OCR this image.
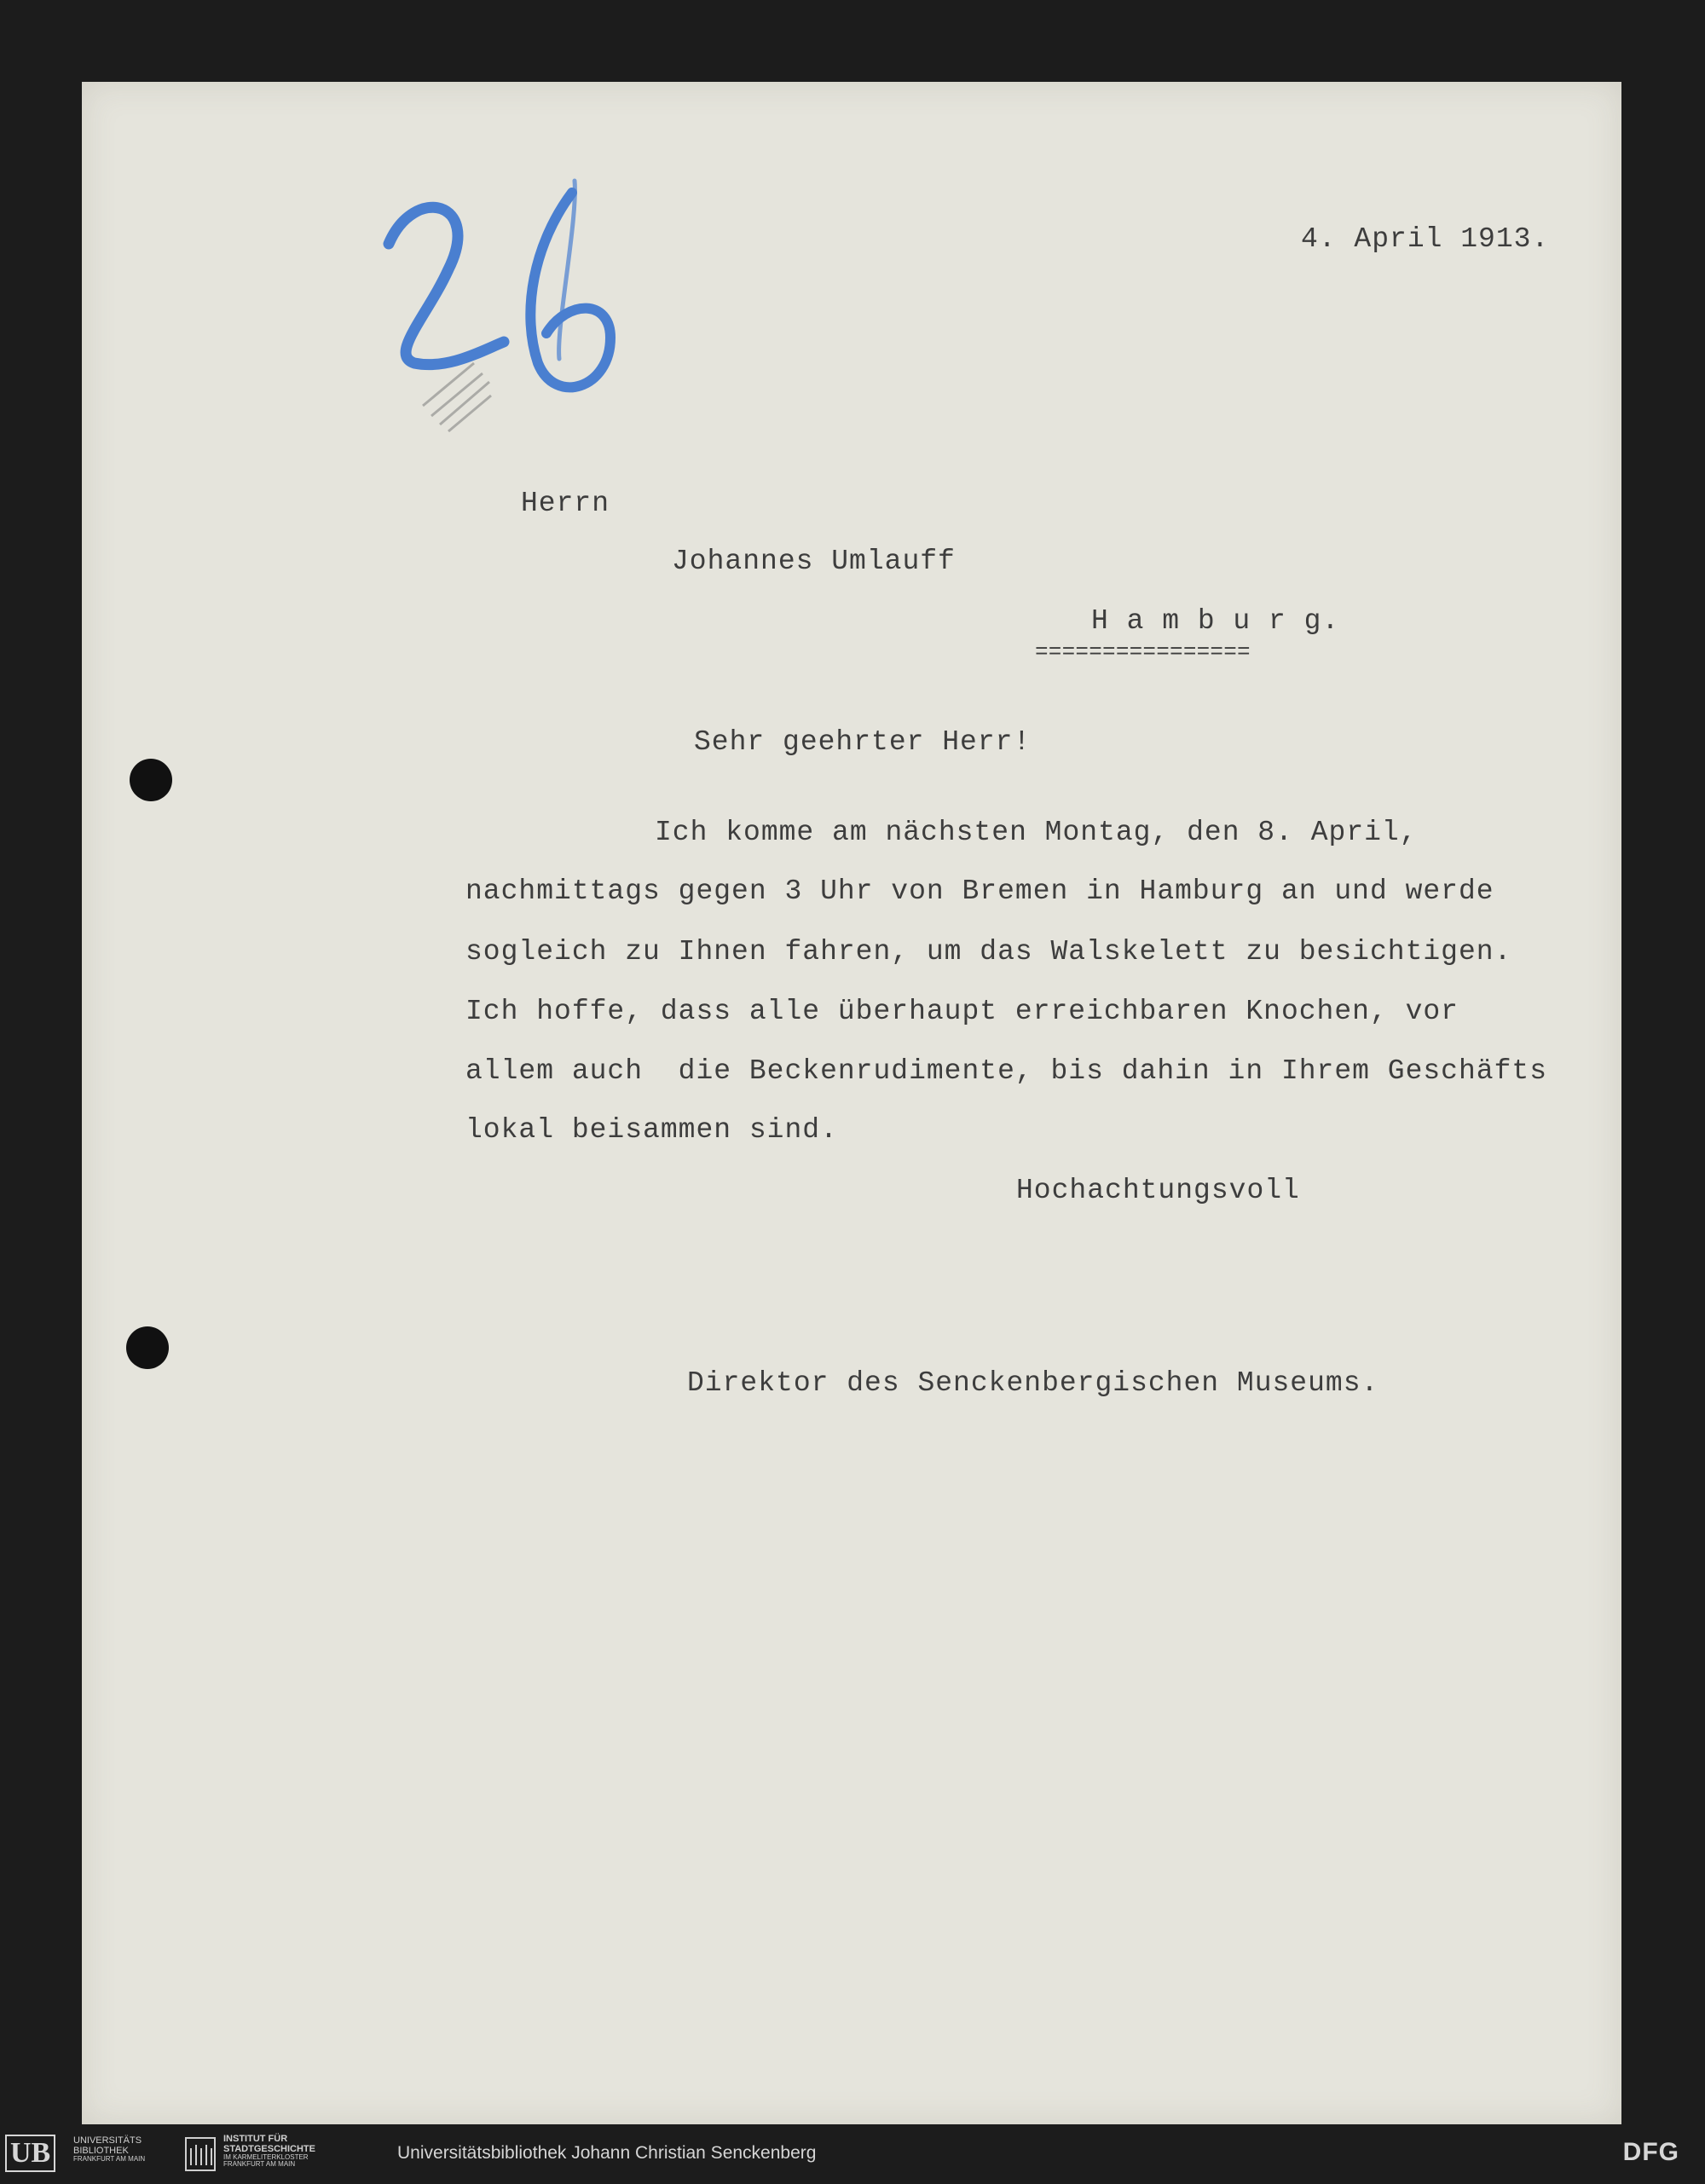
4. April 1913.
Herrn
Johannes Umlauff
H a m b u r g.
================
Sehr geehrter Herr!
Ich komme am nächsten Montag, den 8. April,
nachmittags gegen 3 Uhr von Bremen in Hamburg an und werde
sogleich zu Ihnen fahren, um das Walskelett zu besichtigen.
Ich hoffe, dass alle überhaupt erreichbaren Knochen, vor
allem auch  die Beckenrudimente, bis dahin in Ihrem Geschäfts
lokal beisammen sind.
Hochachtungsvoll
Direktor des Senckenbergischen Museums.
UB	UNIVERSITÄTS
BIBLIOTHEK
FRANKFURT AM MAIN
INSTITUT FÜR
STADTGESCHICHTE
IM KARMELITERKLOSTER
FRANKFURT AM MAIN
Universitätsbibliothek Johann Christian Senckenberg	DFG
